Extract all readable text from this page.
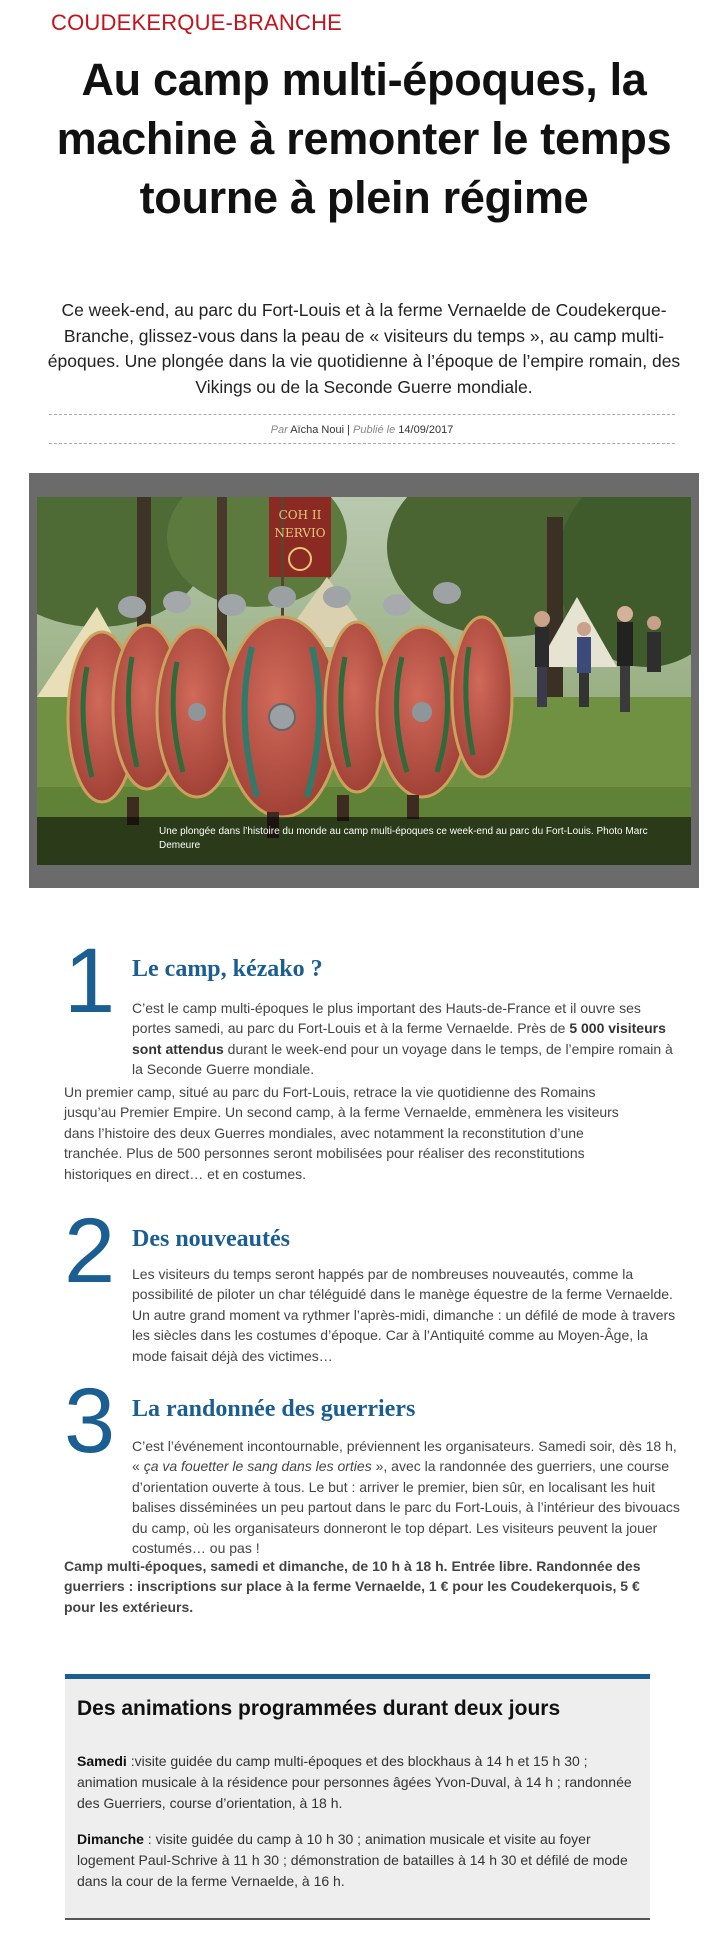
COUDEKERQUE-BRANCHE
Au camp multi-époques, la machine à remonter le temps tourne à plein régime

Ce week-end, au parc du Fort-Louis et à la ferme Vernaelde de Coudekerque-Branche, glissez-vous dans la peau de « visiteurs du temps », au camp multi-époques. Une plongée dans la vie quotidienne à l’époque de l’empire romain, des Vikings ou de la Seconde Guerre mondiale.

Par Aïcha Noui | Publié le 14/09/2017
COH II
NERVIO
Une plongée dans l’histoire du monde au camp multi-époques ce week-end au parc du Fort-Louis. Photo Marc Demeure
1 Le camp, kézako ?

C’est le camp multi-époques le plus important des Hauts-de-France et il ouvre ses portes samedi, au parc du Fort-Louis et à la ferme Vernaelde. Près de 5 000 visiteurs sont attendus durant le week-end pour un voyage dans le temps, de l’empire romain à la Seconde Guerre mondiale.

Un premier camp, situé au parc du Fort-Louis, retrace la vie quotidienne des Romains jusqu’au Premier Empire. Un second camp, à la ferme Vernaelde, emmènera les visiteurs dans l’histoire des deux Guerres mondiales, avec notamment la reconstitution d’une tranchée. Plus de 500 personnes seront mobilisées pour réaliser des reconstitutions historiques en direct… et en costumes.

2 Des nouveautés

Les visiteurs du temps seront happés par de nombreuses nouveautés, comme la possibilité de piloter un char téléguidé dans le manège équestre de la ferme Vernaelde. Un autre grand moment va rythmer l’après-midi, dimanche : un défilé de mode à travers les siècles dans les costumes d’époque. Car à l’Antiquité comme au Moyen-Âge, la mode faisait déjà des victimes…

3 La randonnée des guerriers

C’est l’événement incontournable, préviennent les organisateurs. Samedi soir, dès 18 h, « ça va fouetter le sang dans les orties », avec la randonnée des guerriers, une course d’orientation ouverte à tous. Le but : arriver le premier, bien sûr, en localisant les huit balises disséminées un peu partout dans le parc du Fort-Louis, à l’intérieur des bivouacs du camp, où les organisateurs donneront le top départ. Les visiteurs peuvent la jouer costumés… ou pas !

Camp multi-époques, samedi et dimanche, de 10 h à 18 h. Entrée libre. Randonnée des guerriers : inscriptions sur place à la ferme Vernaelde, 1 € pour les Coudekerquois, 5 € pour les extérieurs.

Des animations programmées durant deux jours

Samedi :visite guidée du camp multi-époques et des blockhaus à 14 h et 15 h 30 ; animation musicale à la résidence pour personnes âgées Yvon-Duval, à 14 h ; randonnée des Guerriers, course d’orientation, à 18 h.

Dimanche : visite guidée du camp à 10 h 30 ; animation musicale et visite au foyer logement Paul-Schrive à 11 h 30 ; démonstration de batailles à 14 h 30 et défilé de mode dans la cour de la ferme Vernaelde, à 16 h.
